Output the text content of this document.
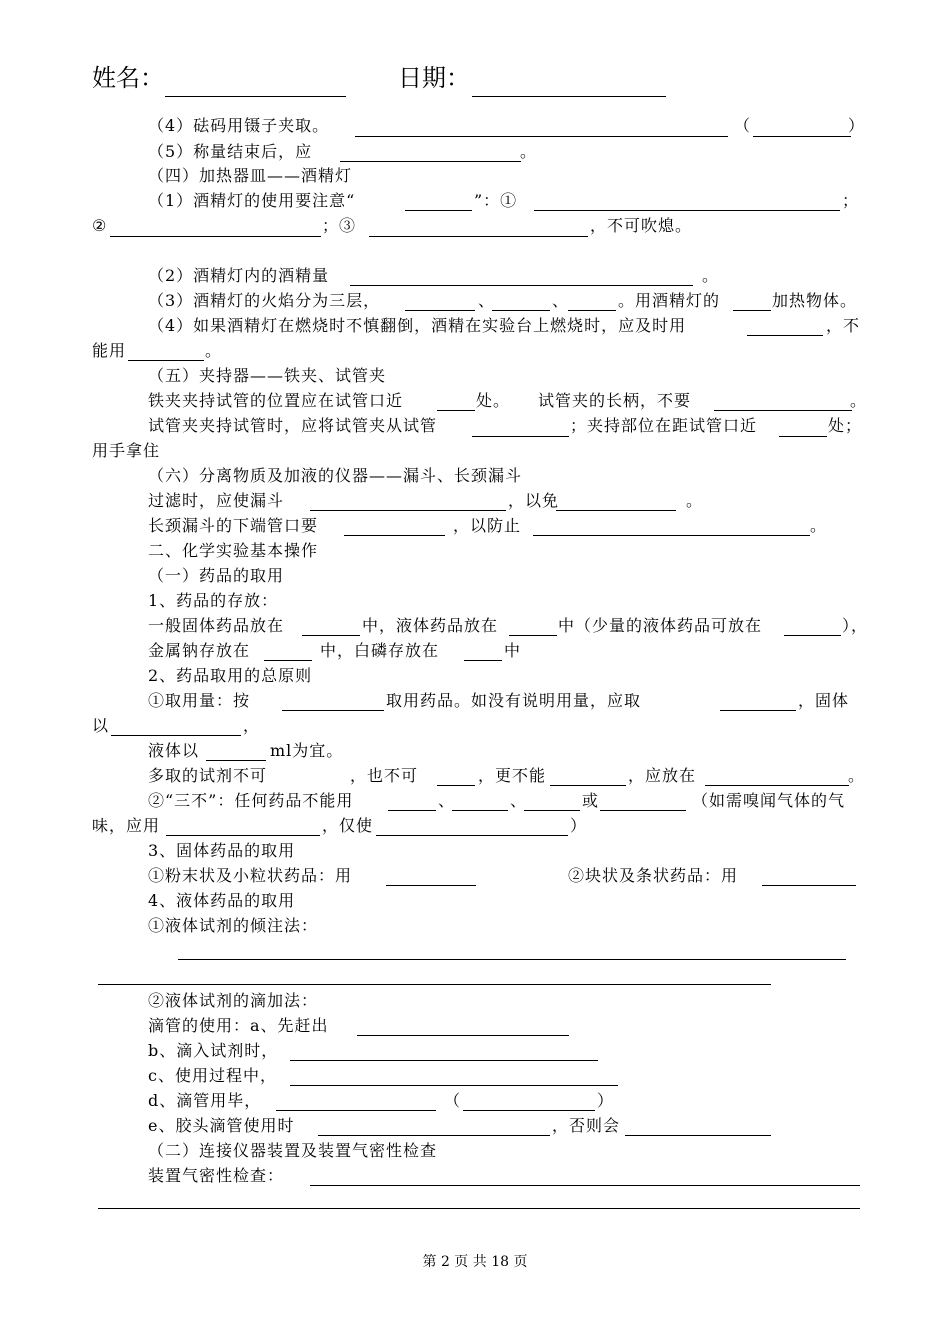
姓名：	日期：
（4）砝码用镊子夹取。	（	）
（5）称量结束后，应	。
（四）加热器皿——酒精灯
（1）酒精灯的使用要注意“	”：①	；
②	；③	，不可吹熄。
（2）酒精灯内的酒精量	。
（3）酒精灯的火焰分为三层，	、	、	。用酒精灯的	加热物体。
（4）如果酒精灯在燃烧时不慎翻倒，酒精在实验台上燃烧时，应及时用	，不
能用	。
（五）夹持器——铁夹、试管夹
铁夹夹持试管的位置应在试管口近	处。 试管夹的长柄，不要	。
试管夹夹持试管时，应将试管夹从试管	；夹持部位在距试管口近	处；
用手拿住
（六）分离物质及加液的仪器——漏斗、长颈漏斗
过滤时，应使漏斗	，以免	。
长颈漏斗的下端管口要	，以防止	。
二、化学实验基本操作
（一）药品的取用
1、药品的存放：
一般固体药品放在	中，液体药品放在	中（少量的液体药品可放在	），
金属钠存放在	中，白磷存放在	中
2、药品取用的总原则
①取用量：按	取用药品。如没有说明用量，应取	，固体
以	，
液体以	ml为宜。
多取的试剂不可	，也不可	，更不能	，应放在	。
②“三不”：任何药品不能用	、	、	或	（如需嗅闻气体的气
味，应用	，仅使	）
3、固体药品的取用
①粉末状及小粒状药品：用	②块状及条状药品：用
4、液体药品的取用
①液体试剂的倾注法：
②液体试剂的滴加法：
滴管的使用：a、先赶出
b、滴入试剂时，
c、使用过程中，
d、滴管用毕，	（	）
e、胶头滴管使用时	，否则会
（二）连接仪器装置及装置气密性检查
装置气密性检查：
第 2 页 共 18 页
